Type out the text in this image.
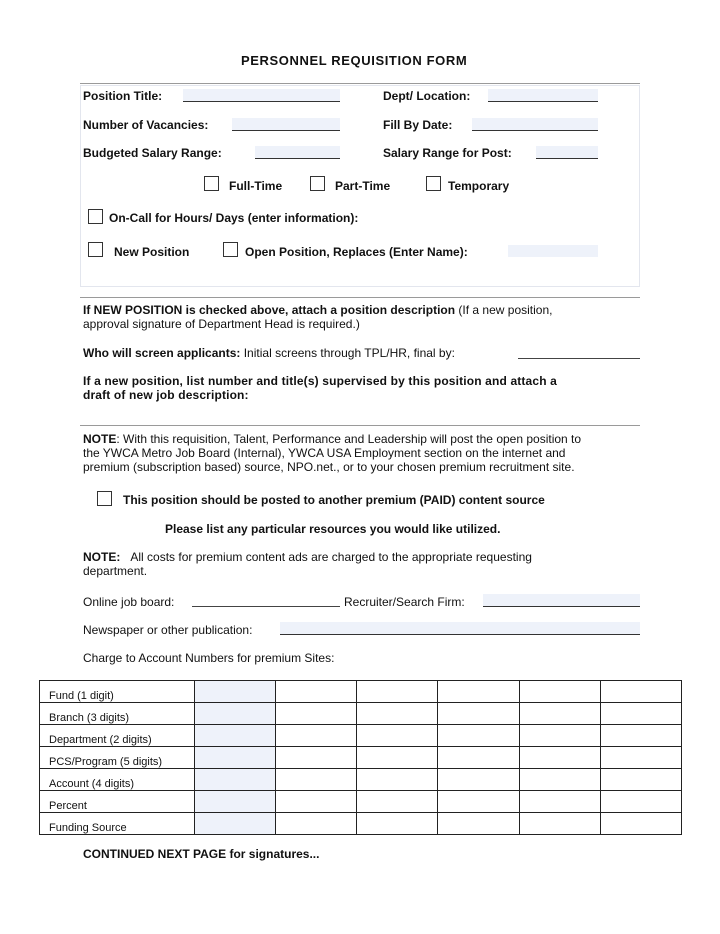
PERSONNEL REQUISITION FORM
Position Title:	Dept/ Location:
Number of Vacancies:	Fill By Date:
Budgeted Salary Range:	Salary Range for Post:
Full-Time	Part-Time	Temporary
On-Call for Hours/ Days (enter information):
New Position	Open Position, Replaces (Enter Name):
If NEW POSITION is checked above, attach a position description (If a new position,
approval signature of Department Head is required.)
Who will screen applicants: Initial screens through TPL/HR, final by:
If a new position, list number and title(s) supervised by this position and attach a
draft of new job description:
NOTE: With this requisition, Talent, Performance and Leadership will post the open position to
the YWCA Metro Job Board (Internal), YWCA USA Employment section on the internet and
premium (subscription based) source, NPO.net., or to your chosen premium recruitment site.
This position should be posted to another premium (PAID) content source
Please list any particular resources you would like utilized.
NOTE: All costs for premium content ads are charged to the appropriate requesting
department.
Online job board:	Recruiter/Search Firm:
Newspaper or other publication:
Charge to Account Numbers for premium Sites:
Fund (1 digit)						
Branch (3 digits)						
Department (2 digits)						
PCS/Program (5 digits)						
Account (4 digits)						
Percent						
Funding Source						
CONTINUED NEXT PAGE for signatures...
